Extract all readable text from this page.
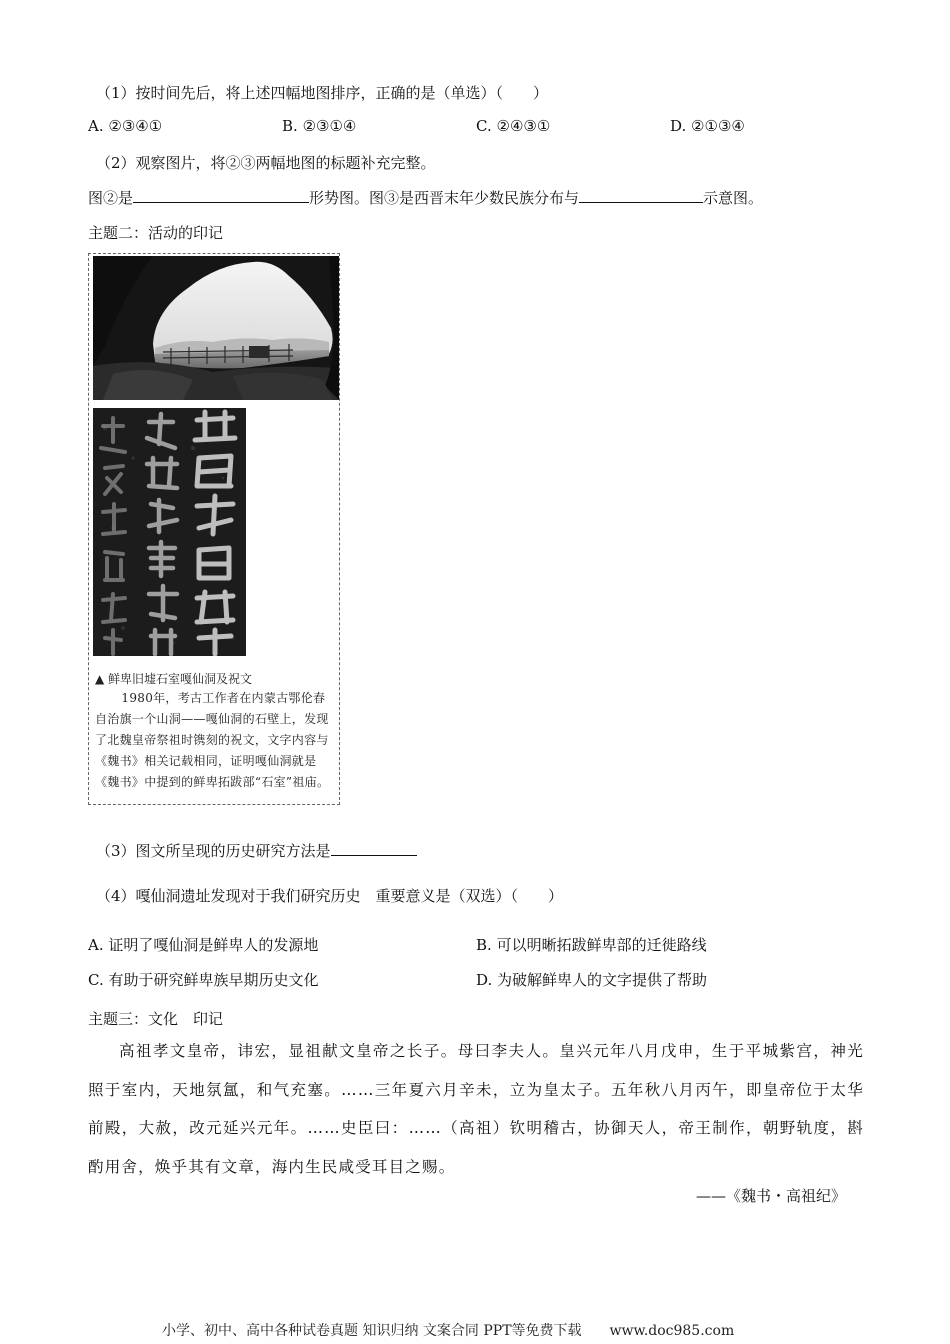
（1）按时间先后，将上述四幅地图排序，正确的是（单选）（　　）
A. ②③④①	B. ②③①④	C. ②④③①	D. ②①③④
（2）观察图片，将②③两幅地图的标题补充完整。
图②是	形势图。图③是西晋末年少数民族分布与	示意图。
主题二：活动的印记
▲ 鲜卑旧墟石室嘎仙洞及祝文

1980年，考古工作者在内蒙古鄂伦春自治旗一个山洞——嘎仙洞的石壁上，发现了北魏皇帝祭祖时镌刻的祝文，文字内容与《魏书》相关记载相同，证明嘎仙洞就是《魏书》中提到的鲜卑拓跋部“石室”祖庙。

（3）图文所呈现的历史研究方法是
（4）嘎仙洞遗址发现对于我们研究历史　重要意义是（双选）（　　）
A. 证明了嘎仙洞是鲜卑人的发源地	B. 可以明晰拓跋鲜卑部的迁徙路线
C. 有助于研究鲜卑族早期历史文化	D. 为破解鲜卑人的文字提供了帮助
主题三：文化　印记
高祖孝文皇帝，讳宏，显祖献文皇帝之长子。母曰李夫人。皇兴元年八月戊申，生于平城紫宫，神光照于室内，天地氛氲，和气充塞。……三年夏六月辛未，立为皇太子。五年秋八月丙午，即皇帝位于太华前殿，大赦，改元延兴元年。……史臣曰：……（高祖）钦明稽古，协御天人，帝王制作，朝野轨度，斟酌用舍，焕乎其有文章，海内生民咸受耳目之赐。
——《魏书・高祖纪》
小学、初中、高中各种试卷真题 知识归纳 文案合同 PPT等免费下载　　www.doc985.com
